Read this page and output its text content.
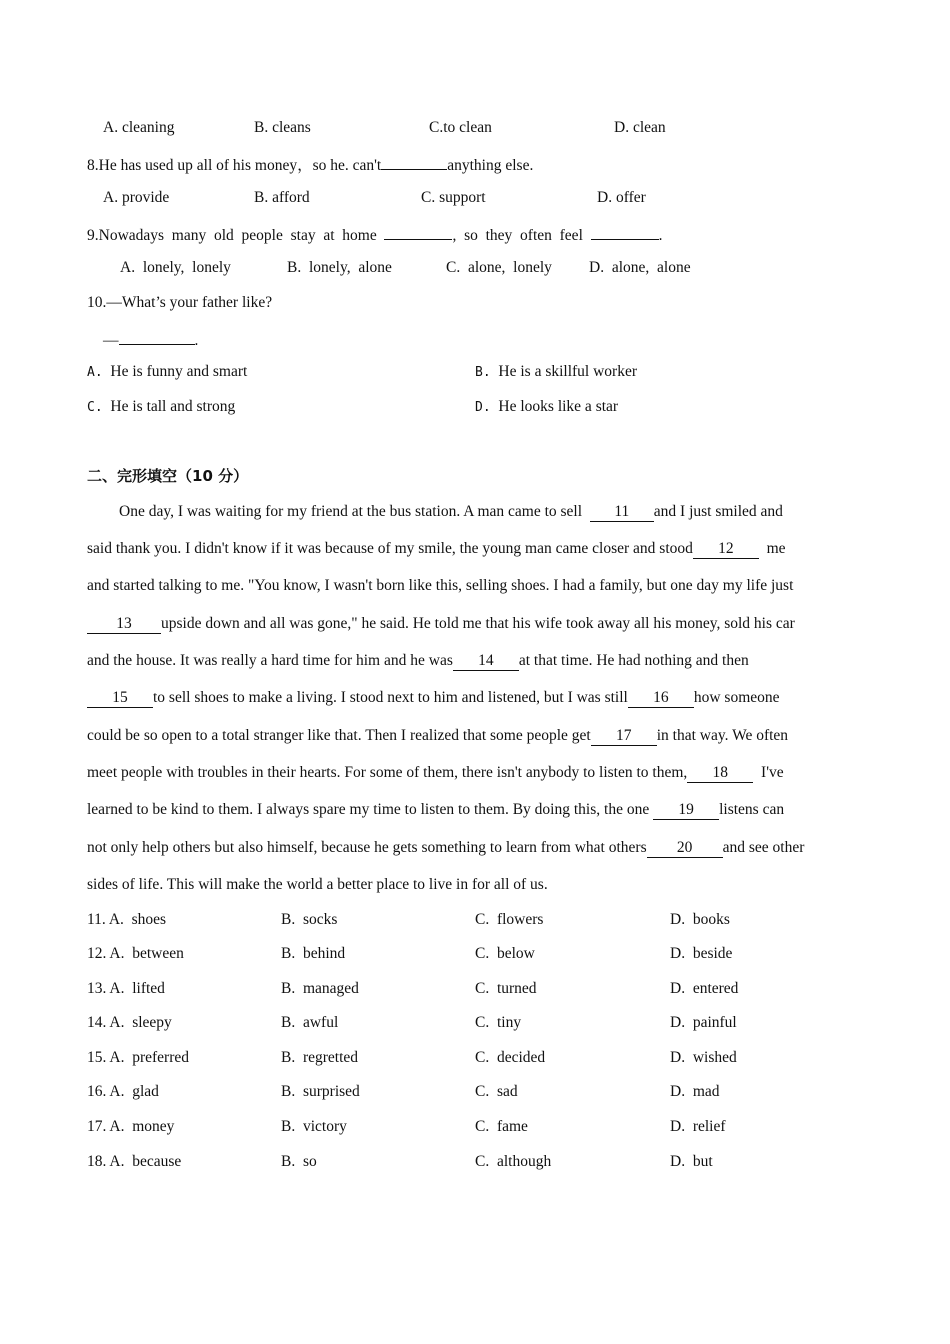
A. cleaning	B. cleans	C.to clean	D. clean
8.He has used up all of his money，so he. can't	anything else.
A. provide	B. afford	C. support	D. offer
9.Nowadays  many  old  people  stay  at  home	,  so  they  often  feel	.
A.  lonely,  lonely	B.  lonely,  alone	C.  alone,  lonely D.  alone,  alone
10.—What’s your father like?
—	.
A. He is funny and smart	B. He is a skillful worker
C. He is tall and strong	D. He looks like a star
二、完形填空（10 分）
One day, I was waiting for my friend at the bus station. A man came to sell  11 and I just smiled and
said thank you. I didn't know if it was because of my smile, the young man came closer and stood 12  me
and started talking to me. "You know, I wasn't born like this, selling shoes. I had a family, but one day my life just
13 upside down and all was gone," he said. He told me that his wife took away all his money, sold his car
and the house. It was really a hard time for him and he was 14 at that time. He had nothing and then
15 to sell shoes to make a living. I stood next to him and listened, but I was still 16 how someone
could be so open to a total stranger like that. Then I realized that some people get 17 in that way. We often
meet people with troubles in their hearts. For some of them, there isn't anybody to listen to them, 18  I've
learned to be kind to them. I always spare my time to listen to them. By doing this, the one 19 listens can
not only help others but also himself, because he gets something to learn from what others 20 and see other
sides of life. This will make the world a better place to live in for all of us.
11. A.  shoes	B.  socks	C.  flowers	D.  books
12. A.  between	B.  behind	C.  below	D.  beside
13. A.  lifted	B.  managed	C.  turned	D.  entered
14. A.  sleepy	B.  awful	C.  tiny	D.  painful
15. A.  preferred	B.  regretted	C.  decided	D.  wished
16. A.  glad	B.  surprised	C.  sad	D.  mad
17. A.  money	B.  victory	C.  fame	D.  relief
18. A.  because	B.  so	C.  although	D.  but
